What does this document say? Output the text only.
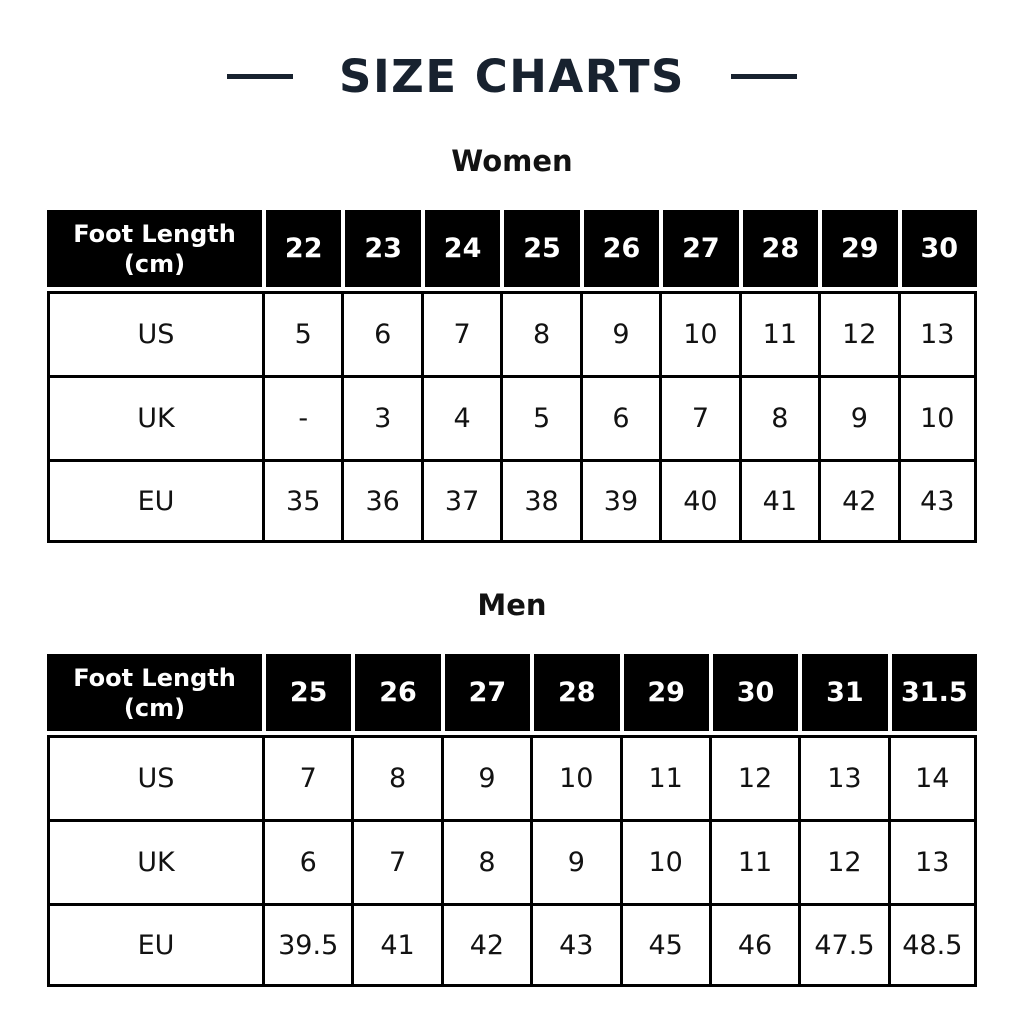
SIZE CHARTS
Women
Foot Length (cm)	22	23	24	25	26	27	28	29	30
US	5	6	7	8	9	10	11	12	13
UK	-	3	4	5	6	7	8	9	10
EU	35	36	37	38	39	40	41	42	43
Men
Foot Length (cm)	25	26	27	28	29	30	31	31.5
US	7	8	9	10	11	12	13	14
UK	6	7	8	9	10	11	12	13
EU	39.5	41	42	43	45	46	47.5	48.5
